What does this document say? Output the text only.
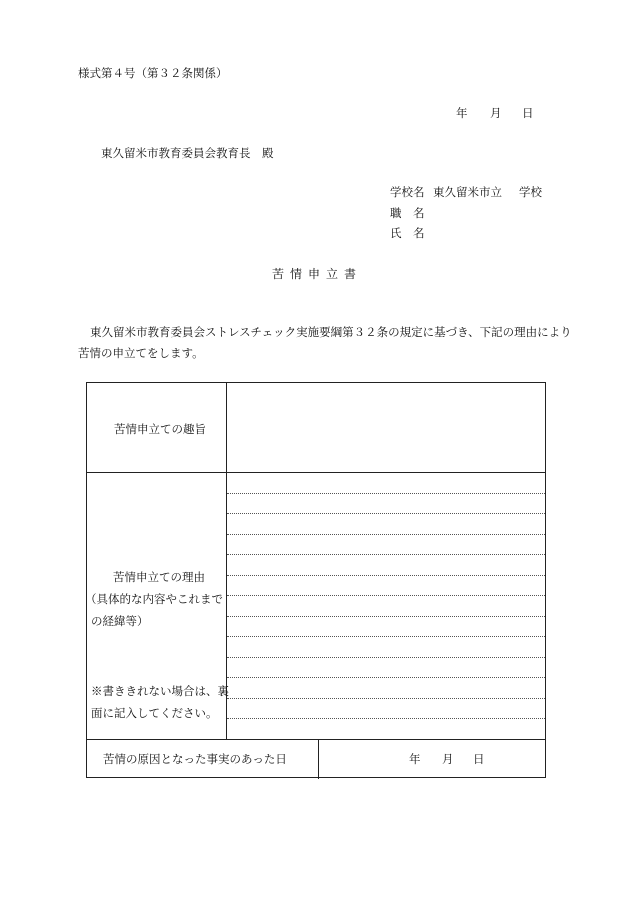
様式第４号（第３２条関係）
年 月 日
東久留米市教育委員会教育長 殿
学校名 東久留米市立 学校
職　名
氏　名
苦情申立書
東久留米市教育委員会ストレスチェック実施要綱第３２条の規定に基づき、下記の理由により
苦情の申立てをします。
苦情申立ての趣旨
苦情申立ての理由
（具体的な内容やこれまで
の経緯等）
※書ききれない場合は、裏
面に記入してください。
苦情の原因となった事実のあった日	年 月 日
